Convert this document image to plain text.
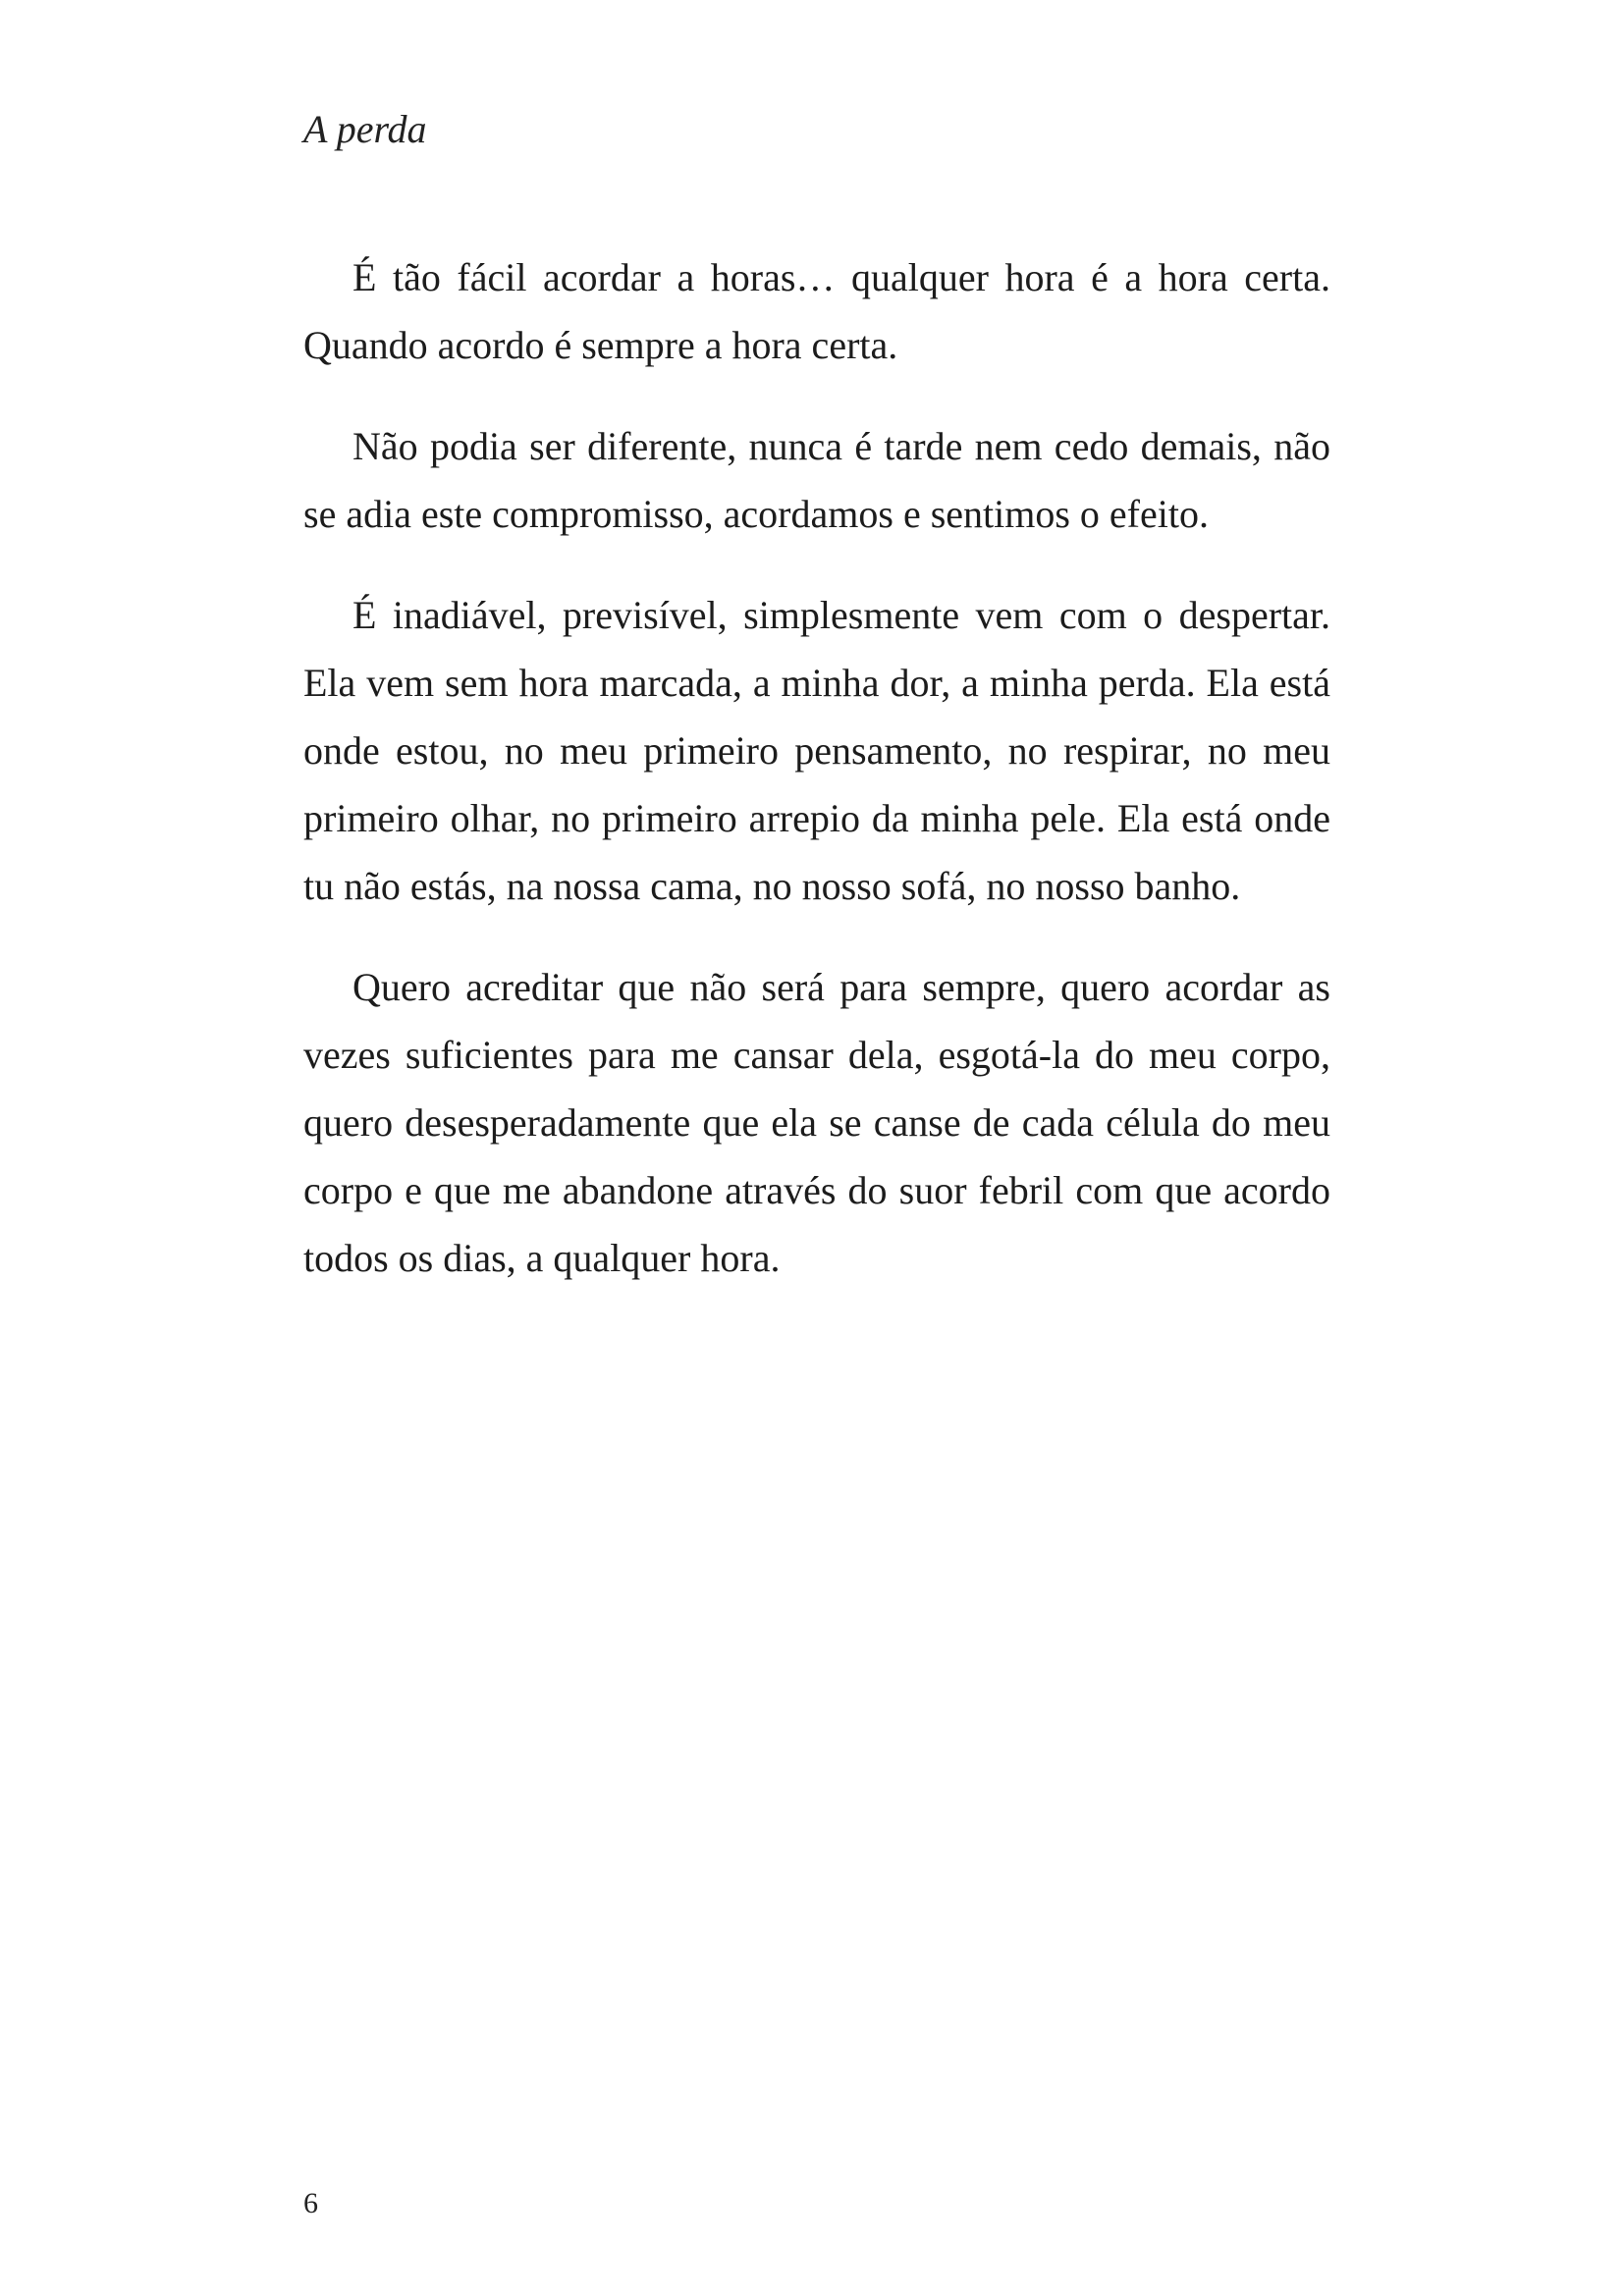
A perda

É tão fácil acordar a horas… qualquer hora é a hora certa. Quando acordo é sempre a hora certa.

Não podia ser diferente, nunca é tarde nem cedo demais, não se adia este compromisso, acordamos e sentimos o efeito.

É inadiável, previsível, simplesmente vem com o despertar. Ela vem sem hora marcada, a minha dor, a minha perda. Ela está onde estou, no meu primeiro pensamento, no respirar, no meu primeiro olhar, no primeiro arrepio da minha pele. Ela está onde tu não estás, na nossa cama, no nosso sofá, no nosso banho.

Quero acreditar que não será para sempre, quero acordar as vezes suficientes para me cansar dela, esgotá-la do meu corpo, quero desesperadamente que ela se canse de cada célula do meu corpo e que me abandone através do suor febril com que acordo todos os dias, a qualquer hora.

6
